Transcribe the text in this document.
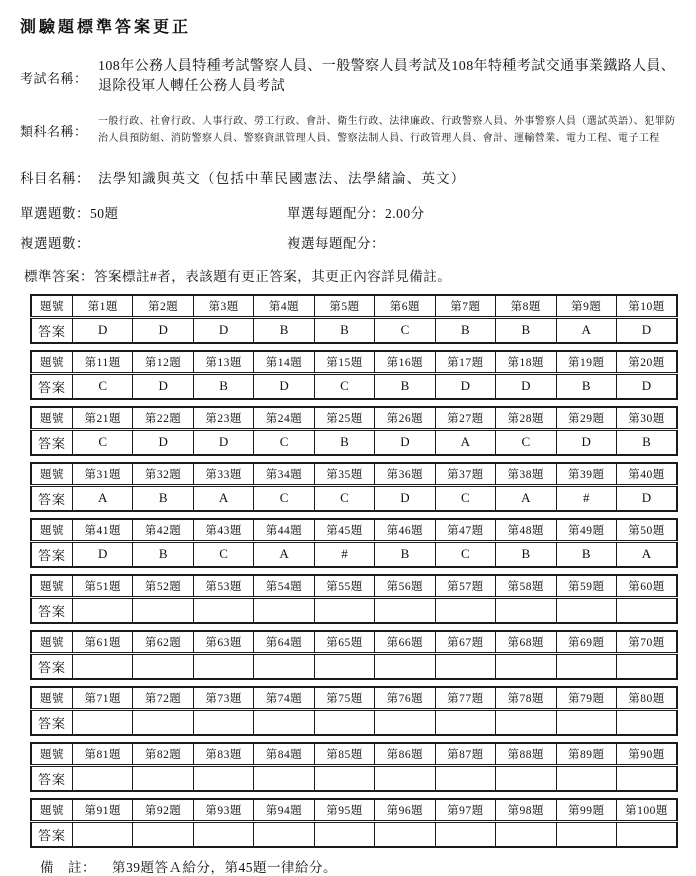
測驗題標準答案更正
考試名稱：
108年公務人員特種考試警察人員、一般警察人員考試及108年特種考試交通事業鐵路人員、退除役軍人轉任公務人員考試
類科名稱：
一般行政、社會行政、人事行政、勞工行政、會計、衛生行政、法律廉政、行政警察人員、外事警察人員（選試英語）、犯罪防治人員預防組、消防警察人員、警察資訊管理人員、警察法制人員、行政管理人員、會計、運輸營業、電力工程、電子工程
科目名稱： 法學知識與英文（包括中華民國憲法、法學緒論、英文）
單選題數：50題	單選每題配分：2.00分
複選題數：	複選每題配分：
標準答案：答案標註#者，表該題有更正答案，其更正內容詳見備註。
題號	第1題	第2題	第3題	第4題	第5題	第6題	第7題	第8題	第9題	第10題
答案	D	D	D	B	B	C	B	B	A	D
題號	第11題	第12題	第13題	第14題	第15題	第16題	第17題	第18題	第19題	第20題
答案	C	D	B	D	C	B	D	D	B	D
題號	第21題	第22題	第23題	第24題	第25題	第26題	第27題	第28題	第29題	第30題
答案	C	D	D	C	B	D	A	C	D	B
題號	第31題	第32題	第33題	第34題	第35題	第36題	第37題	第38題	第39題	第40題
答案	A	B	A	C	C	D	C	A	#	D
題號	第41題	第42題	第43題	第44題	第45題	第46題	第47題	第48題	第49題	第50題
答案	D	B	C	A	#	B	C	B	B	A
題號	第51題	第52題	第53題	第54題	第55題	第56題	第57題	第58題	第59題	第60題
答案										
題號	第61題	第62題	第63題	第64題	第65題	第66題	第67題	第68題	第69題	第70題
答案										
題號	第71題	第72題	第73題	第74題	第75題	第76題	第77題	第78題	第79題	第80題
答案										
題號	第81題	第82題	第83題	第84題	第85題	第86題	第87題	第88題	第89題	第90題
答案										
題號	第91題	第92題	第93題	第94題	第95題	第96題	第97題	第98題	第99題	第100題
答案										
備　註：	第39題答Ａ給分，第45題一律給分。
